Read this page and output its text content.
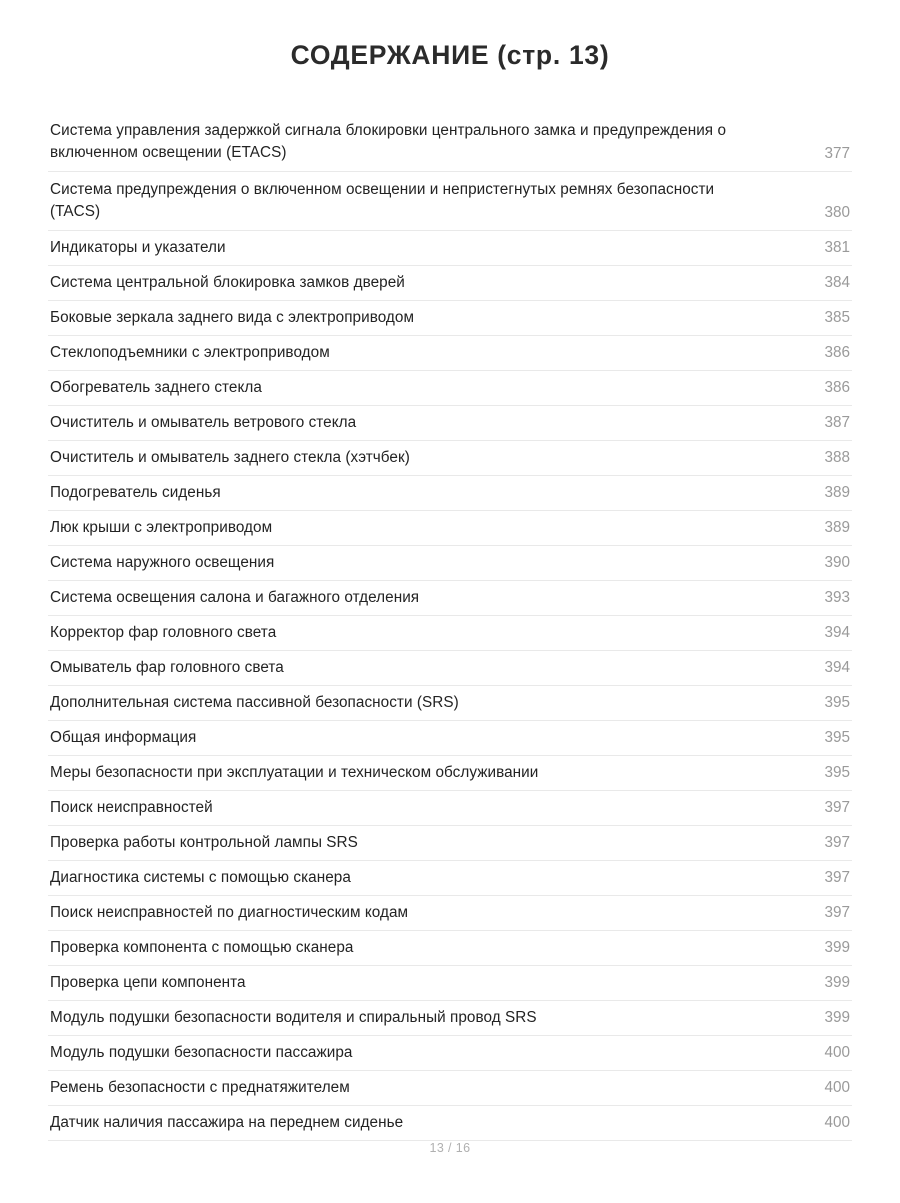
СОДЕРЖАНИЕ (стр. 13)
Система управления задержкой сигнала блокировки центрального замка и предупреждения о включенном освещении (ETACS)	377
Система предупреждения о включенном освещении и непристегнутых ремнях безопасности (TACS)	380
Индикаторы и указатели	381
Система центральной блокировка замков дверей	384
Боковые зеркала заднего вида с электроприводом	385
Стеклоподъемники с электроприводом	386
Обогреватель заднего стекла	386
Очиститель и омыватель ветрового стекла	387
Очиститель и омыватель заднего стекла (хэтчбек)	388
Подогреватель сиденья	389
Люк крыши с электроприводом	389
Система наружного освещения	390
Система освещения салона и багажного отделения	393
Корректор фар головного света	394
Омыватель фар головного света	394
Дополнительная система пассивной безопасности (SRS)	395
Общая информация	395
Меры безопасности при эксплуатации и техническом обслуживании	395
Поиск неисправностей	397
Проверка работы контрольной лампы SRS	397
Диагностика системы с помощью сканера	397
Поиск неисправностей по диагностическим кодам	397
Проверка компонента с помощью сканера	399
Проверка цепи компонента	399
Модуль подушки безопасности водителя и спиральный провод SRS	399
Модуль подушки безопасности пассажира	400
Ремень безопасности с преднатяжителем	400
Датчик наличия пассажира на переднем сиденье	400
13 / 16
